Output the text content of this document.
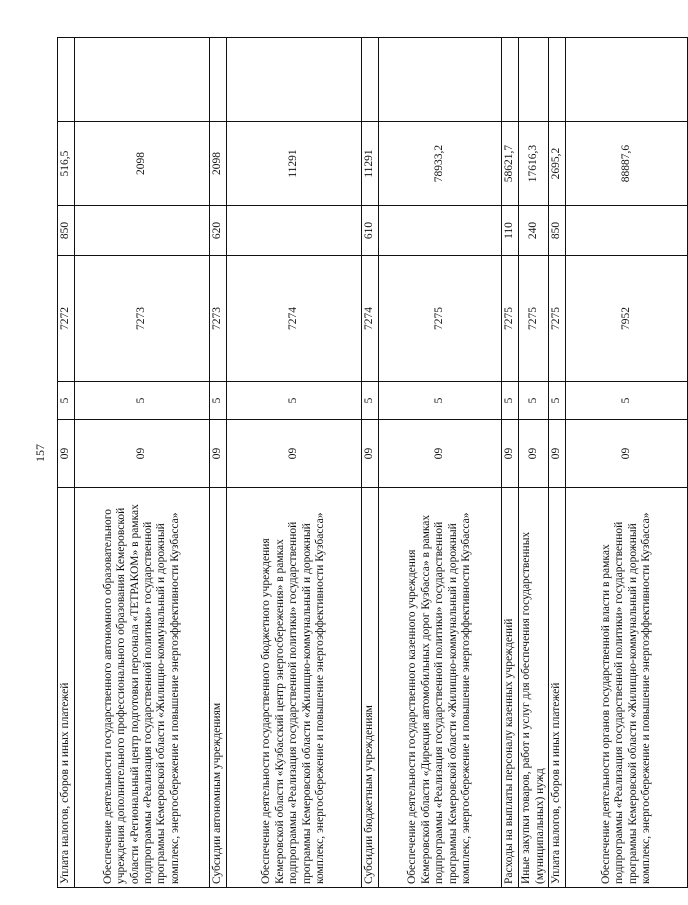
157
Уплата налогов, сборов и иных платежей	09	5	7272	850	516,5	
Обеспечение деятельности государственного автономного образовательного учреждения дополнительного профессионального образования Кемеровской области «Региональный центр подготовки персонала «ТЕТРАКОМ» в рамках подпрограммы «Реализация государственной политики» государственной программы Кемеровской области «Жилищно-коммунальный и дорожный комплекс, энергосбережение и повышение энергоэффективности Кузбасса»	09	5	7273		2098	
Субсидии автономным учреждениям	09	5	7273	620	2098	
Обеспечение деятельности государственного бюджетного учреждения Кемеровской области «Кузбасский центр энергосбережения» в рамках подпрограммы «Реализация государственной политики» государственной программы Кемеровской области «Жилищно-коммунальный и дорожный комплекс, энергосбережение и повышение энергоэффективности Кузбасса»	09	5	7274		11291	
Субсидии бюджетным учреждениям	09	5	7274	610	11291	
Обеспечение деятельности государственного казенного учреждения Кемеровской области «Дирекция автомобильных дорог Кузбасса» в рамках подпрограммы «Реализация государственной политики» государственной программы Кемеровской области «Жилищно-коммунальный и дорожный комплекс, энергосбережение и повышение энергоэффективности Кузбасса»	09	5	7275		78933,2	
Расходы на выплаты персоналу казенных учреждений	09	5	7275	110	58621,7	
Иные закупки товаров, работ и услуг для обеспечения государственных (муниципальных) нужд	09	5	7275	240	17616,3	
Уплата налогов, сборов и иных платежей	09	5	7275	850	2695,2	
Обеспечение деятельности органов государственной власти в рамках подпрограммы «Реализация государственной политики» государственной программы Кемеровской области «Жилищно-коммунальный и дорожный комплекс, энергосбережение и повышение энергоэффективности Кузбасса»	09	5	7952		88887,6	
